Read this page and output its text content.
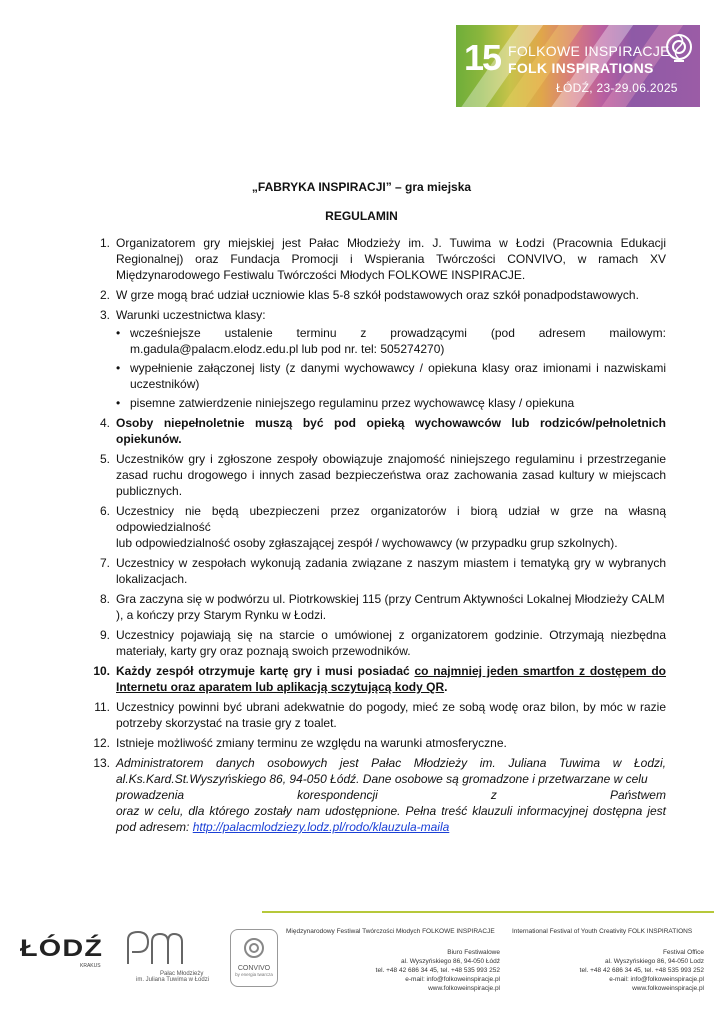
15 FOLKOWE INSPIRACJE
FOLK INSPIRATIONS
ŁÓDŹ, 23-29.06.2025
„FABRYKA INSPIRACJI” – gra miejska
REGULAMIN
1. Organizatorem gry miejskiej jest Pałac Młodzieży im. J. Tuwima w Łodzi (Pracownia Edukacji Regionalnej) oraz Fundacja Promocji i Wspierania Twórczości CONVIVO, w ramach XV Międzynarodowego Festiwalu Twórczości Młodych FOLKOWE INSPIRACJE.
2. W grze mogą brać udział uczniowie klas 5-8 szkół podstawowych oraz szkół ponadpodstawowych.
3. Warunki uczestnictwa klasy:
• wcześniejsze ustalenie terminu z prowadzącymi (pod adresem mailowym: m.gadula@palacm.elodz.edu.pl lub pod nr. tel: 505274270)
• wypełnienie załączonej listy (z danymi wychowawcy / opiekuna klasy oraz imionami i nazwiskami uczestników)
• pisemne zatwierdzenie niniejszego regulaminu przez wychowawcę klasy / opiekuna
4. Osoby niepełnoletnie muszą być pod opieką wychowawców lub rodziców/pełnoletnich opiekunów.
5. Uczestników gry i zgłoszone zespoły obowiązuje znajomość niniejszego regulaminu i przestrzeganie zasad ruchu drogowego i innych zasad bezpieczeństwa oraz zachowania zasad kultury w miejscach publicznych.
6. Uczestnicy nie będą ubezpieczeni przez organizatorów i biorą udział w grze na własną odpowiedzialność
lub odpowiedzialność osoby zgłaszającej zespół / wychowawcy (w przypadku grup szkolnych).
7. Uczestnicy w zespołach wykonują zadania związane z naszym miastem i tematyką gry w wybranych lokalizacjach.
8. Gra zaczyna się w podwórzu ul. Piotrkowskiej 115 (przy Centrum Aktywności Lokalnej Młodzieży CALM ), a kończy przy Starym Rynku w Łodzi.
9. Uczestnicy pojawiają się na starcie o umówionej z organizatorem godzinie. Otrzymają niezbędna materiały, karty gry oraz poznają swoich przewodników.
10. Każdy zespół otrzymuje kartę gry i musi posiadać co najmniej jeden smartfon z dostępem do Internetu oraz aparatem lub aplikacją sczytującą kody QR.
11. Uczestnicy powinni być ubrani adekwatnie do pogody, mieć ze sobą wodę oraz bilon, by móc w razie potrzeby skorzystać na trasie gry z toalet.
12. Istnieje możliwość zmiany terminu ze względu na warunki atmosferyczne.
13. Administratorem danych osobowych jest Pałac Młodzieży im. Juliana Tuwima w Łodzi, al.Ks.Kard.St.Wyszyńskiego 86, 94-050 Łódź. Dane osobowe są gromadzone i przetwarzane w celu
prowadzenia	korespondencji	z	Państwem
oraz w celu, dla którego zostały nam udostępnione. Pełna treść klauzuli informacyjnej dostępna jest pod adresem: http://palacmlodziezy.lodz.pl/rodo/klauzula-maila
ŁÓDŹ
KRAKUS
Pałac Młodzieży
im. Juliana Tuwima w Łodzi
CONVIVO
by energia twarcza
Międzynarodowy Festiwal Twórczości Młodych FOLKOWE INSPIRACJE
Biuro Festiwalowe
al. Wyszyńskiego 86, 94-050 Łódź
tel. +48 42 686 34 45, tel. +48 535 993 252
e-mail: info@folkoweinspiracje.pl
www.folkoweinspiracje.pl
International Festival of Youth Creativity FOLK INSPIRATIONS
Festival Office
al. Wyszyńskiego 86, 94-050 Lodz
tel. +48 42 686 34 45, tel. +48 535 993 252
e-mail: info@folkoweinspiracje.pl
www.folkoweinspiracje.pl
